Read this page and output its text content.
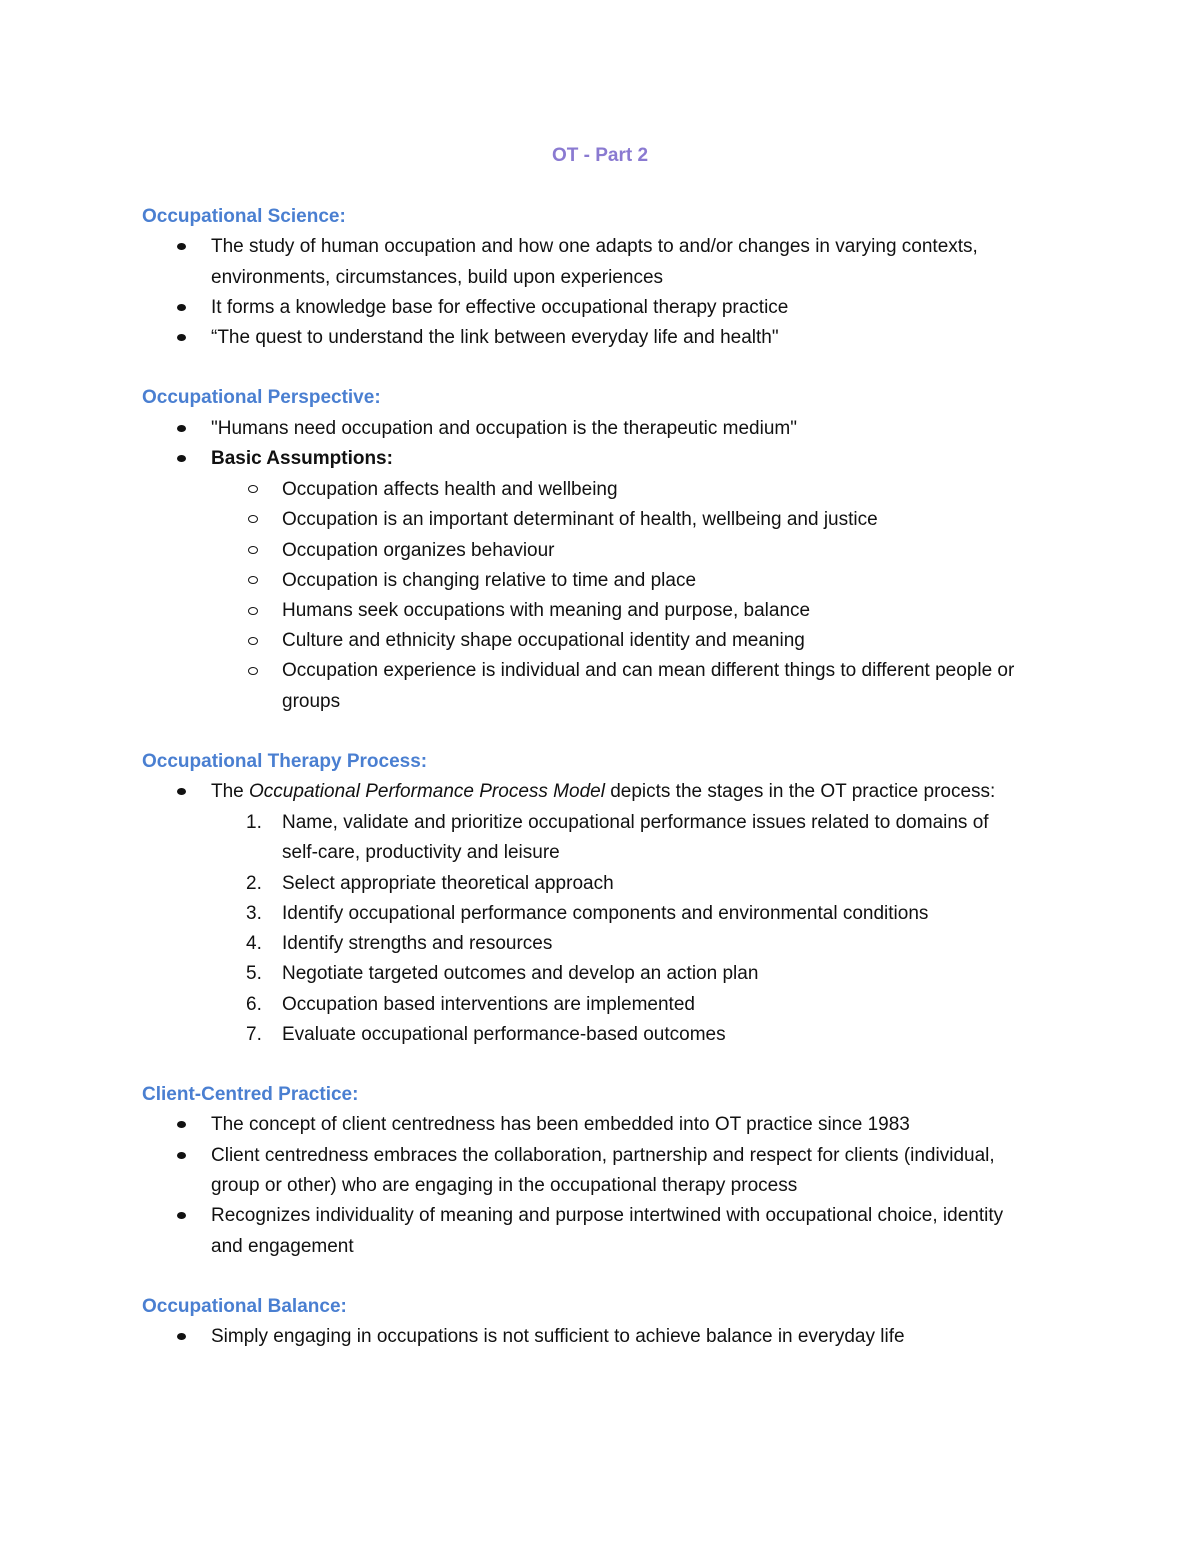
OT - Part 2
Occupational Science:
The study of human occupation and how one adapts to and/or changes in varying contexts,
environments, circumstances, build upon experiences
It forms a knowledge base for effective occupational therapy practice
“The quest to understand the link between everyday life and health"
Occupational Perspective:
"Humans need occupation and occupation is the therapeutic medium"
Basic Assumptions:
Occupation affects health and wellbeing
Occupation is an important determinant of health, wellbeing and justice
Occupation organizes behaviour
Occupation is changing relative to time and place
Humans seek occupations with meaning and purpose, balance
Culture and ethnicity shape occupational identity and meaning
Occupation experience is individual and can mean different things to different people or
groups
Occupational Therapy Process:
The Occupational Performance Process Model depicts the stages in the OT practice process:
1. Name, validate and prioritize occupational performance issues related to domains of
self-care, productivity and leisure
2. Select appropriate theoretical approach
3. Identify occupational performance components and environmental conditions
4. Identify strengths and resources
5. Negotiate targeted outcomes and develop an action plan
6. Occupation based interventions are implemented
7. Evaluate occupational performance-based outcomes
Client-Centred Practice:
The concept of client centredness has been embedded into OT practice since 1983
Client centredness embraces the collaboration, partnership and respect for clients (individual,
group or other) who are engaging in the occupational therapy process
Recognizes individuality of meaning and purpose intertwined with occupational choice, identity
and engagement
Occupational Balance:
Simply engaging in occupations is not sufficient to achieve balance in everyday life
